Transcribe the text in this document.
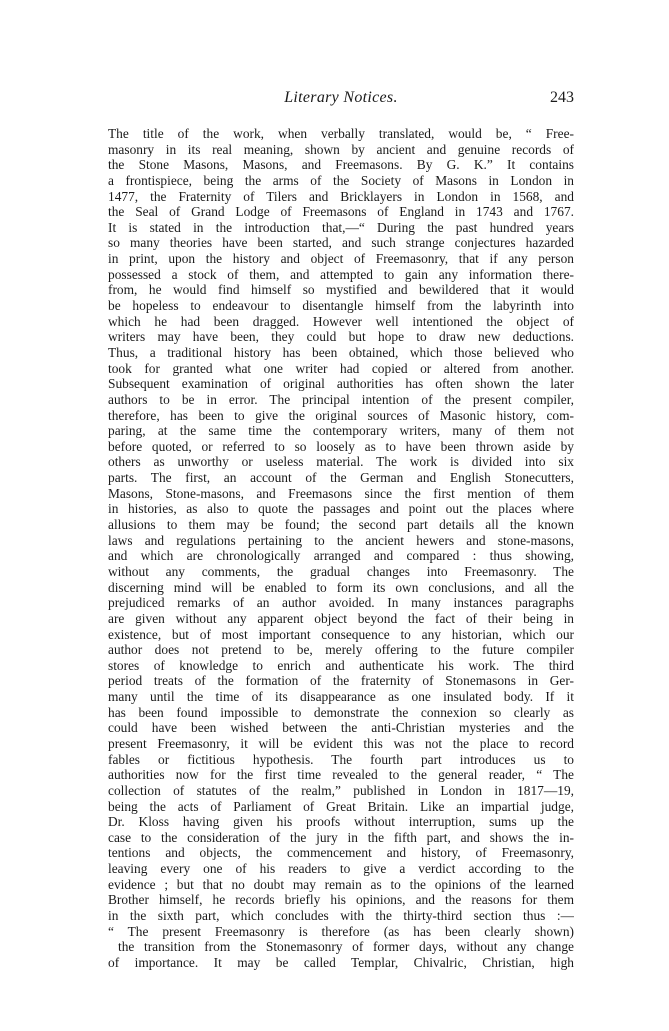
Literary Notices.	243
The title of the work, when verbally translated, would be, “ Free-
masonry in its real meaning, shown by ancient and genuine records of
the Stone Masons, Masons, and Freemasons. By G. K.” It contains
a frontispiece, being the arms of the Society of Masons in London in
1477, the Fraternity of Tilers and Bricklayers in London in 1568, and
the Seal of Grand Lodge of Freemasons of England in 1743 and 1767.
It is stated in the introduction that,—“ During the past hundred years
so many theories have been started, and such strange conjectures hazarded
in print, upon the history and object of Freemasonry, that if any person
possessed a stock of them, and attempted to gain any information there-
from, he would find himself so mystified and bewildered that it would
be hopeless to endeavour to disentangle himself from the labyrinth into
which he had been dragged. However well intentioned the object of
writers may have been, they could but hope to draw new deductions.
Thus, a traditional history has been obtained, which those believed who
took for granted what one writer had copied or altered from another.
Subsequent examination of original authorities has often shown the later
authors to be in error. The principal intention of the present compiler,
therefore, has been to give the original sources of Masonic history, com-
paring, at the same time the contemporary writers, many of them not
before quoted, or referred to so loosely as to have been thrown aside by
others as unworthy or useless material. The work is divided into six
parts. The first, an account of the German and English Stonecutters,
Masons, Stone-masons, and Freemasons since the first mention of them
in histories, as also to quote the passages and point out the places where
allusions to them may be found; the second part details all the known
laws and regulations pertaining to the ancient hewers and stone-masons,
and which are chronologically arranged and compared : thus showing,
without any comments, the gradual changes into Freemasonry. The
discerning mind will be enabled to form its own conclusions, and all the
prejudiced remarks of an author avoided. In many instances paragraphs
are given without any apparent object beyond the fact of their being in
existence, but of most important consequence to any historian, which our
author does not pretend to be, merely offering to the future compiler
stores of knowledge to enrich and authenticate his work. The third
period treats of the formation of the fraternity of Stonemasons in Ger-
many until the time of its disappearance as one insulated body. If it
has been found impossible to demonstrate the connexion so clearly as
could have been wished between the anti-Christian mysteries and the
present Freemasonry, it will be evident this was not the place to record
fables or fictitious hypothesis. The fourth part introduces us to
authorities now for the first time revealed to the general reader, “ The
collection of statutes of the realm,” published in London in 1817—19,
being the acts of Parliament of Great Britain. Like an impartial judge,
Dr. Kloss having given his proofs without interruption, sums up the
case to the consideration of the jury in the fifth part, and shows the in-
tentions and objects, the commencement and history, of Freemasonry,
leaving every one of his readers to give a verdict according to the
evidence ; but that no doubt may remain as to the opinions of the learned
Brother himself, he records briefly his opinions, and the reasons for them
in the sixth part, which concludes with the thirty-third section thus :—
“ The present Freemasonry is therefore (as has been clearly shown)
the transition from the Stonemasonry of former days, without any change
of importance. It may be called Templar, Chivalric, Christian, high
